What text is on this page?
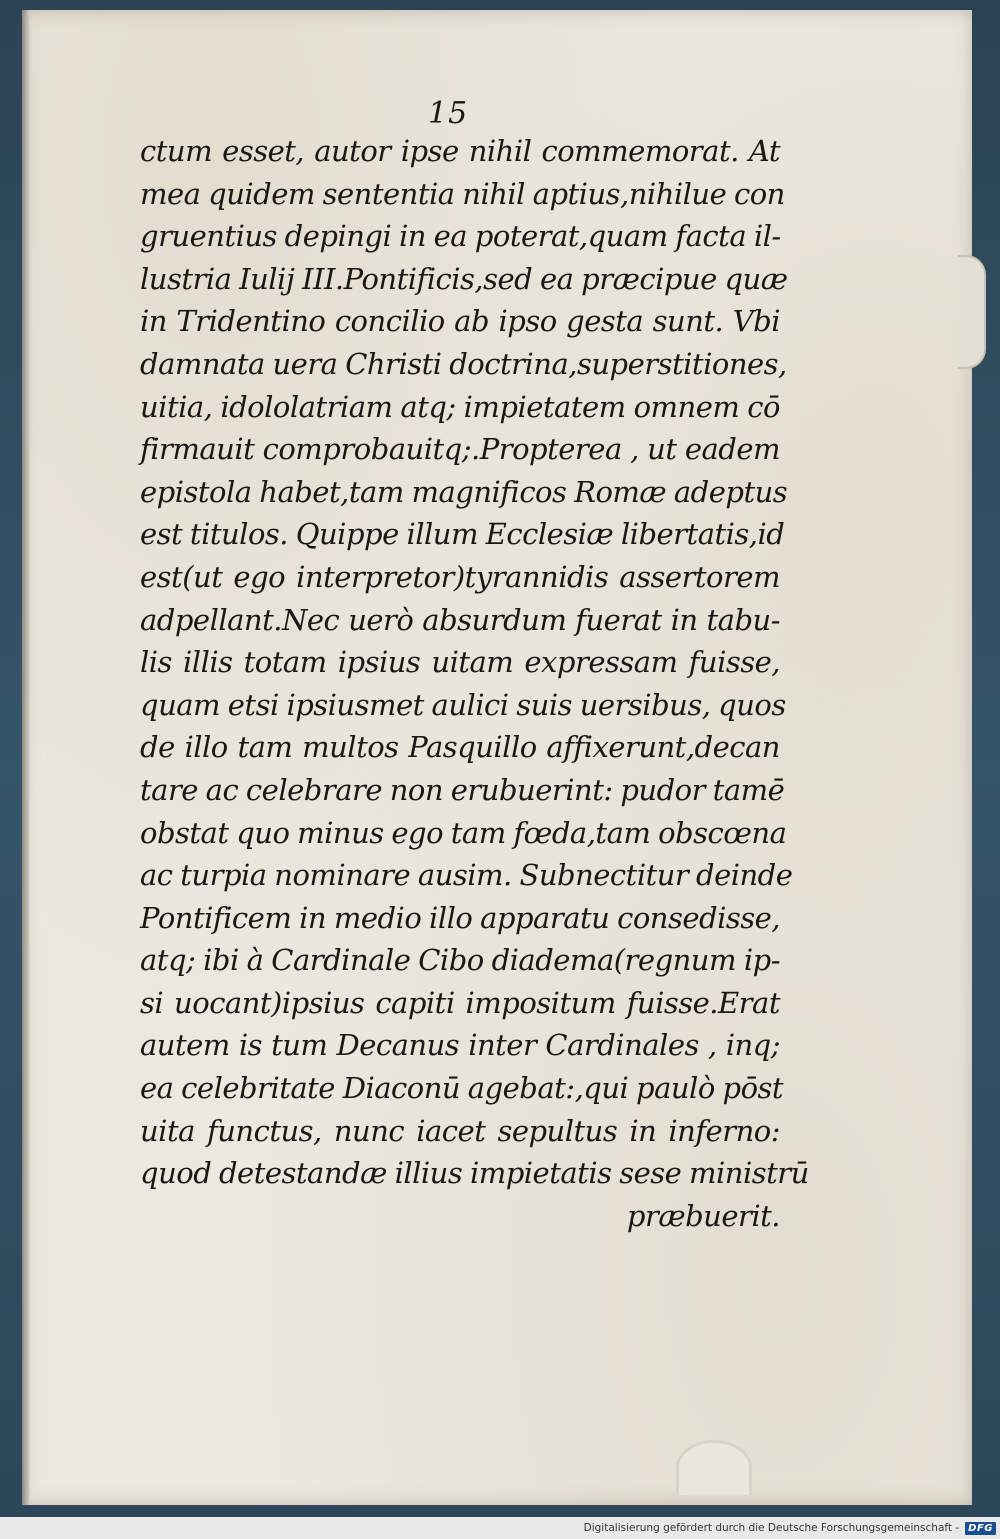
15
ctum esset, autor ipse nihil commemorat. At
mea quidem sententia nihil aptius,nihilue con
gruentius depingi in ea poterat,quam facta il-
lustria Iulij III.Pontificis,sed ea præcipue quæ
in Tridentino concilio ab ipso gesta sunt. Vbi
damnata uera Christi doctrina,superstitiones,
uitia, idololatriam atq; impietatem omnem cō
firmauit comprobauitq;.Propterea , ut eadem
epistola habet,tam magnificos Romæ adeptus
est titulos. Quippe illum Ecclesiæ libertatis,id
est(ut ego interpretor)tyrannidis assertorem
adpellant.Nec uerò absurdum fuerat in tabu-
lis illis totam ipsius uitam expressam fuisse,
quam etsi ipsiusmet aulici suis uersibus, quos
de illo tam multos Pasquillo affixerunt,decan
tare ac celebrare non erubuerint: pudor tamē
obstat quo minus ego tam fœda,tam obscœna
ac turpia nominare ausim. Subnectitur deinde
Pontificem in medio illo apparatu consedisse,
atq; ibi à Cardinale Cibo diadema(regnum ip-
si uocant)ipsius capiti impositum fuisse.Erat
autem is tum Decanus inter Cardinales , inq;
ea celebritate Diaconū agebat:,qui paulò pōst
uita functus, nunc iacet sepultus in inferno:
quod detestandæ illius impietatis sese ministrū
præbuerit.
Digitalisierung gefördert durch die Deutsche Forschungsgemeinschaft - DFG
